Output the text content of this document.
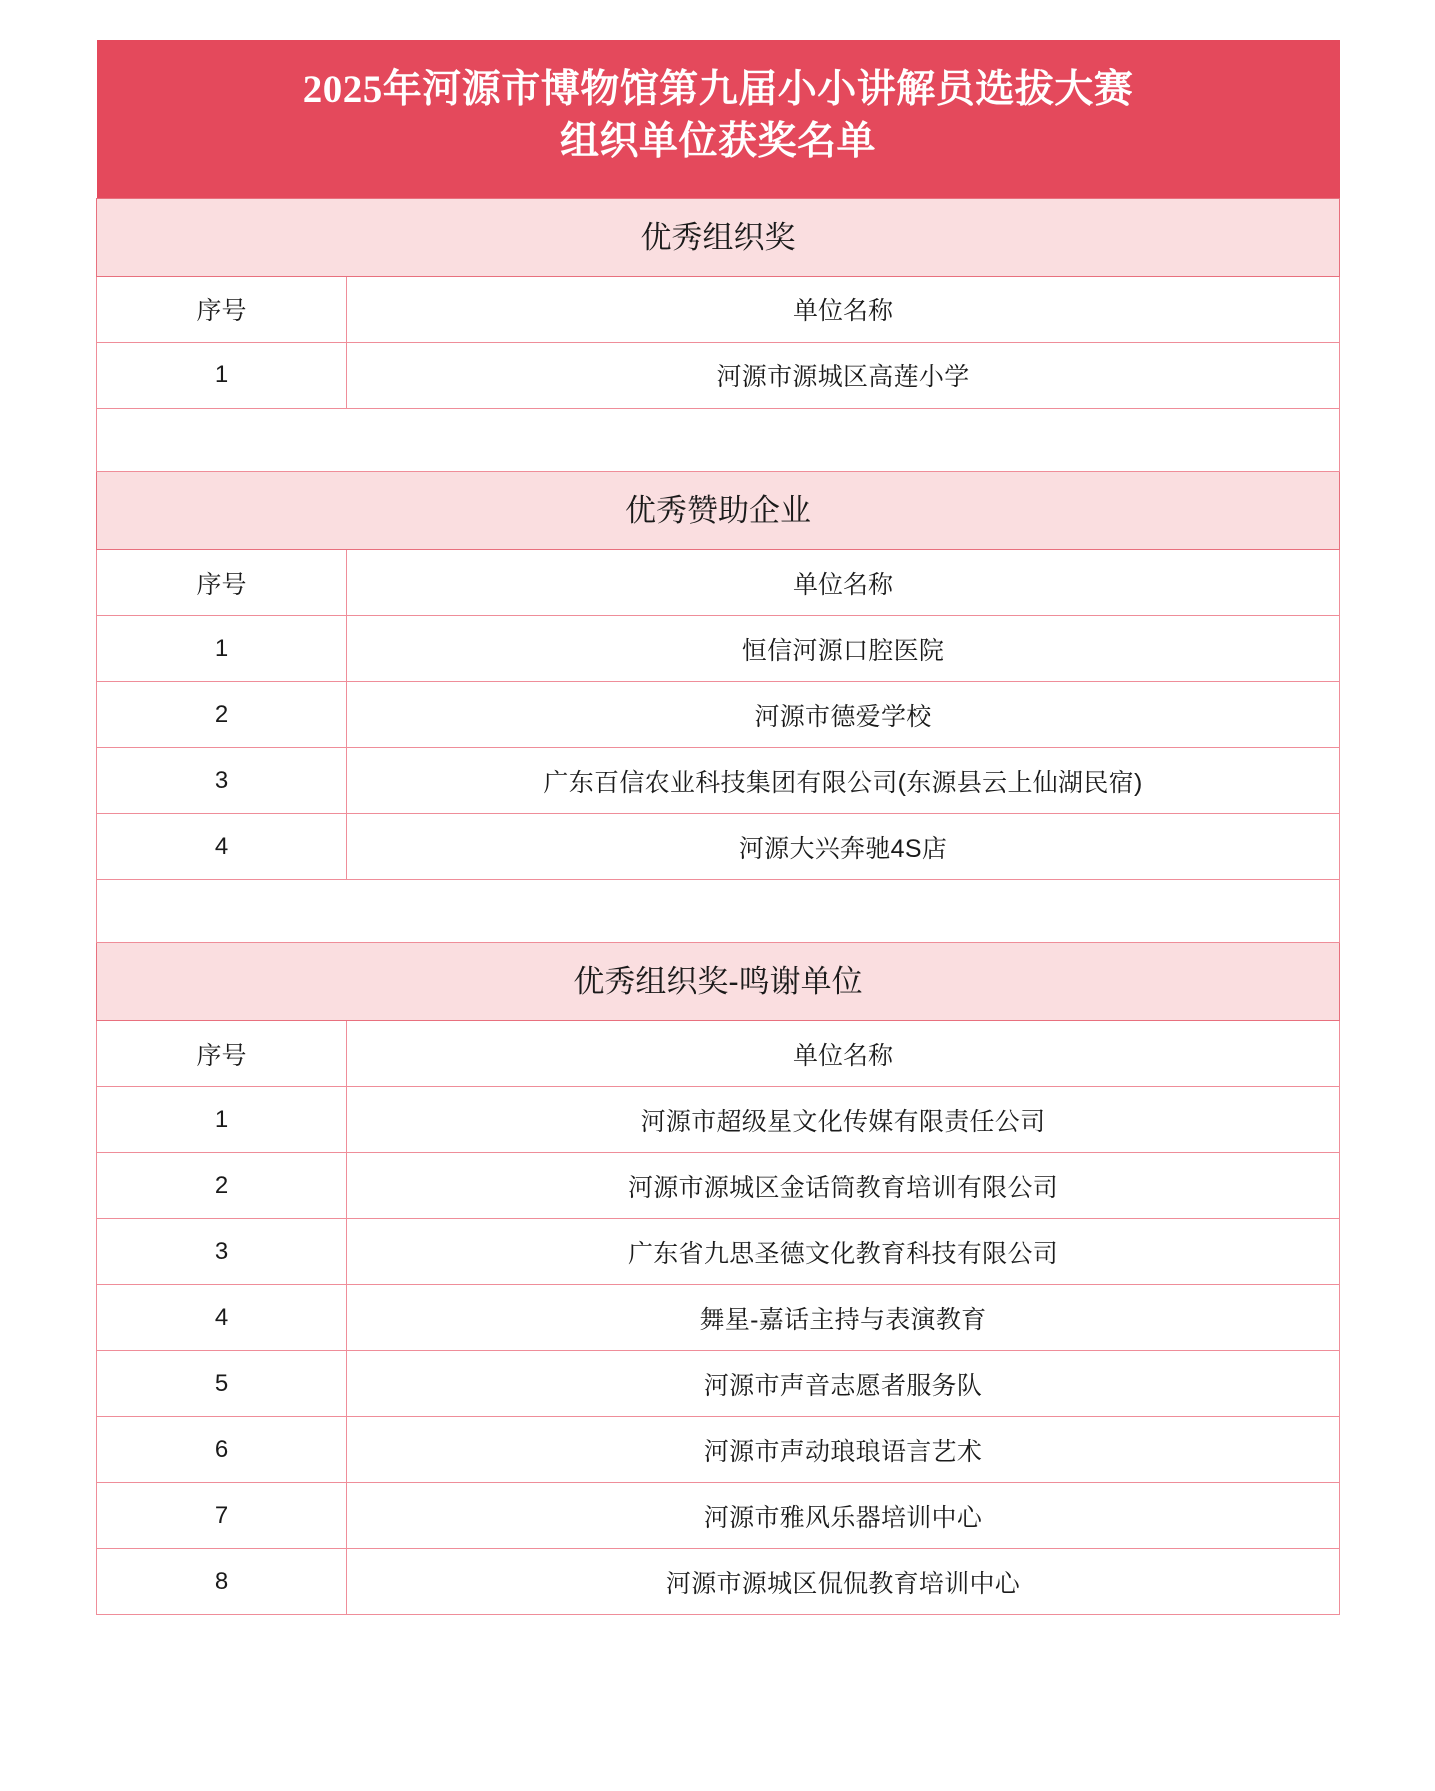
2025年河源市博物馆第九届小小讲解员选拔大赛
组织单位获奖名单	

优秀组织奖	

序号	单位名称
1	河源市源城区高莲小学

优秀赞助企业	

序号	单位名称
1	恒信河源口腔医院
2	河源市德爱学校
3	广东百信农业科技集团有限公司(东源县云上仙湖民宿)
4	河源大兴奔驰4S店

优秀组织奖-鸣谢单位	

序号	单位名称
1	河源市超级星文化传媒有限责任公司
2	河源市源城区金话筒教育培训有限公司
3	广东省九思圣德文化教育科技有限公司
4	舞星-嘉话主持与表演教育
5	河源市声音志愿者服务队
6	河源市声动琅琅语言艺术
7	河源市雅风乐器培训中心
8	河源市源城区侃侃教育培训中心
